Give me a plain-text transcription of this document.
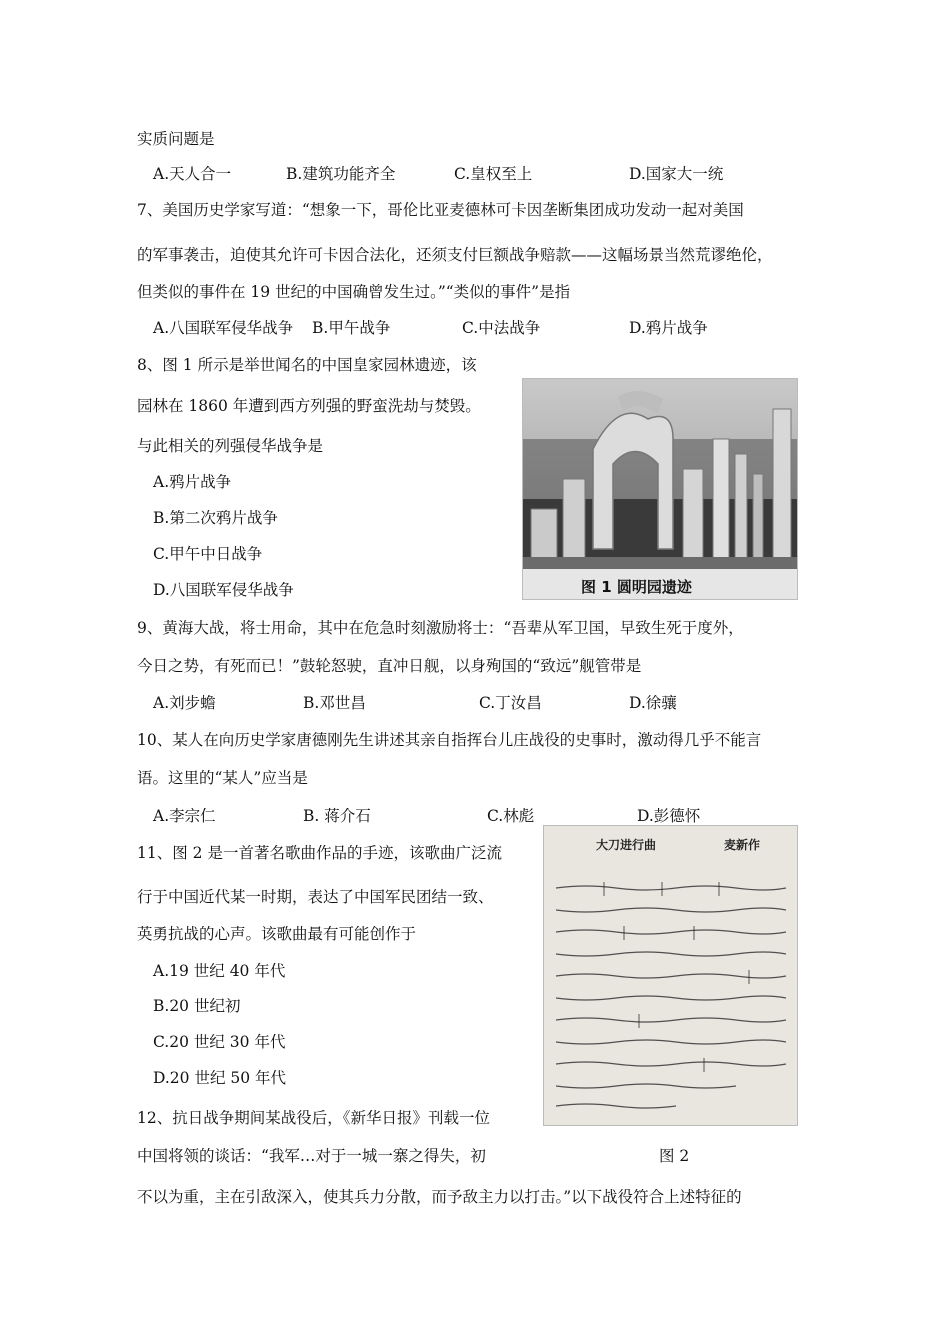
实质问题是
A.天人合一	B.建筑功能齐全	C.皇权至上	D.国家大一统
7、美国历史学家写道：“想象一下，哥伦比亚麦德林可卡因垄断集团成功发动一起对美国
的军事袭击，迫使其允许可卡因合法化，还须支付巨额战争赔款——这幅场景当然荒谬绝伦，
但类似的事件在 19 世纪的中国确曾发生过。”“类似的事件”是指
A.八国联军侵华战争 B.甲午战争	C.中法战争	D.鸦片战争
8、图 1 所示是举世闻名的中国皇家园林遗迹，该
园林在 1860 年遭到西方列强的野蛮洗劫与焚毁。
与此相关的列强侵华战争是
A.鸦片战争
B.第二次鸦片战争
C.甲午中日战争
D.八国联军侵华战争	图 1 圆明园遗迹
9、黄海大战，将士用命，其中在危急时刻激励将士：“吾辈从军卫国，早致生死于度外，
今日之势，有死而已！”鼓轮怒驶，直冲日舰，以身殉国的“致远”舰管带是
A.刘步蟾	B.邓世昌	C.丁汝昌	D.徐骧
10、某人在向历史学家唐德刚先生讲述其亲自指挥台儿庄战役的史事时，激动得几乎不能言
语。这里的“某人”应当是
A.李宗仁	B. 蒋介石	C.林彪	D.彭德怀
11、图 2 是一首著名歌曲作品的手迹，该歌曲广泛流
行于中国近代某一时期，表达了中国军民团结一致、
英勇抗战的心声。该歌曲最有可能创作于
A.19 世纪 40 年代
B.20 世纪初
C.20 世纪 30 年代
D.20 世纪 50 年代
大刀进行曲	麦新作
图 2
12、抗日战争期间某战役后，《新华日报》刊载一位
中国将领的谈话：“我军…对于一城一寨之得失，初
不以为重，主在引敌深入，使其兵力分散，而予敌主力以打击。”以下战役符合上述特征的
